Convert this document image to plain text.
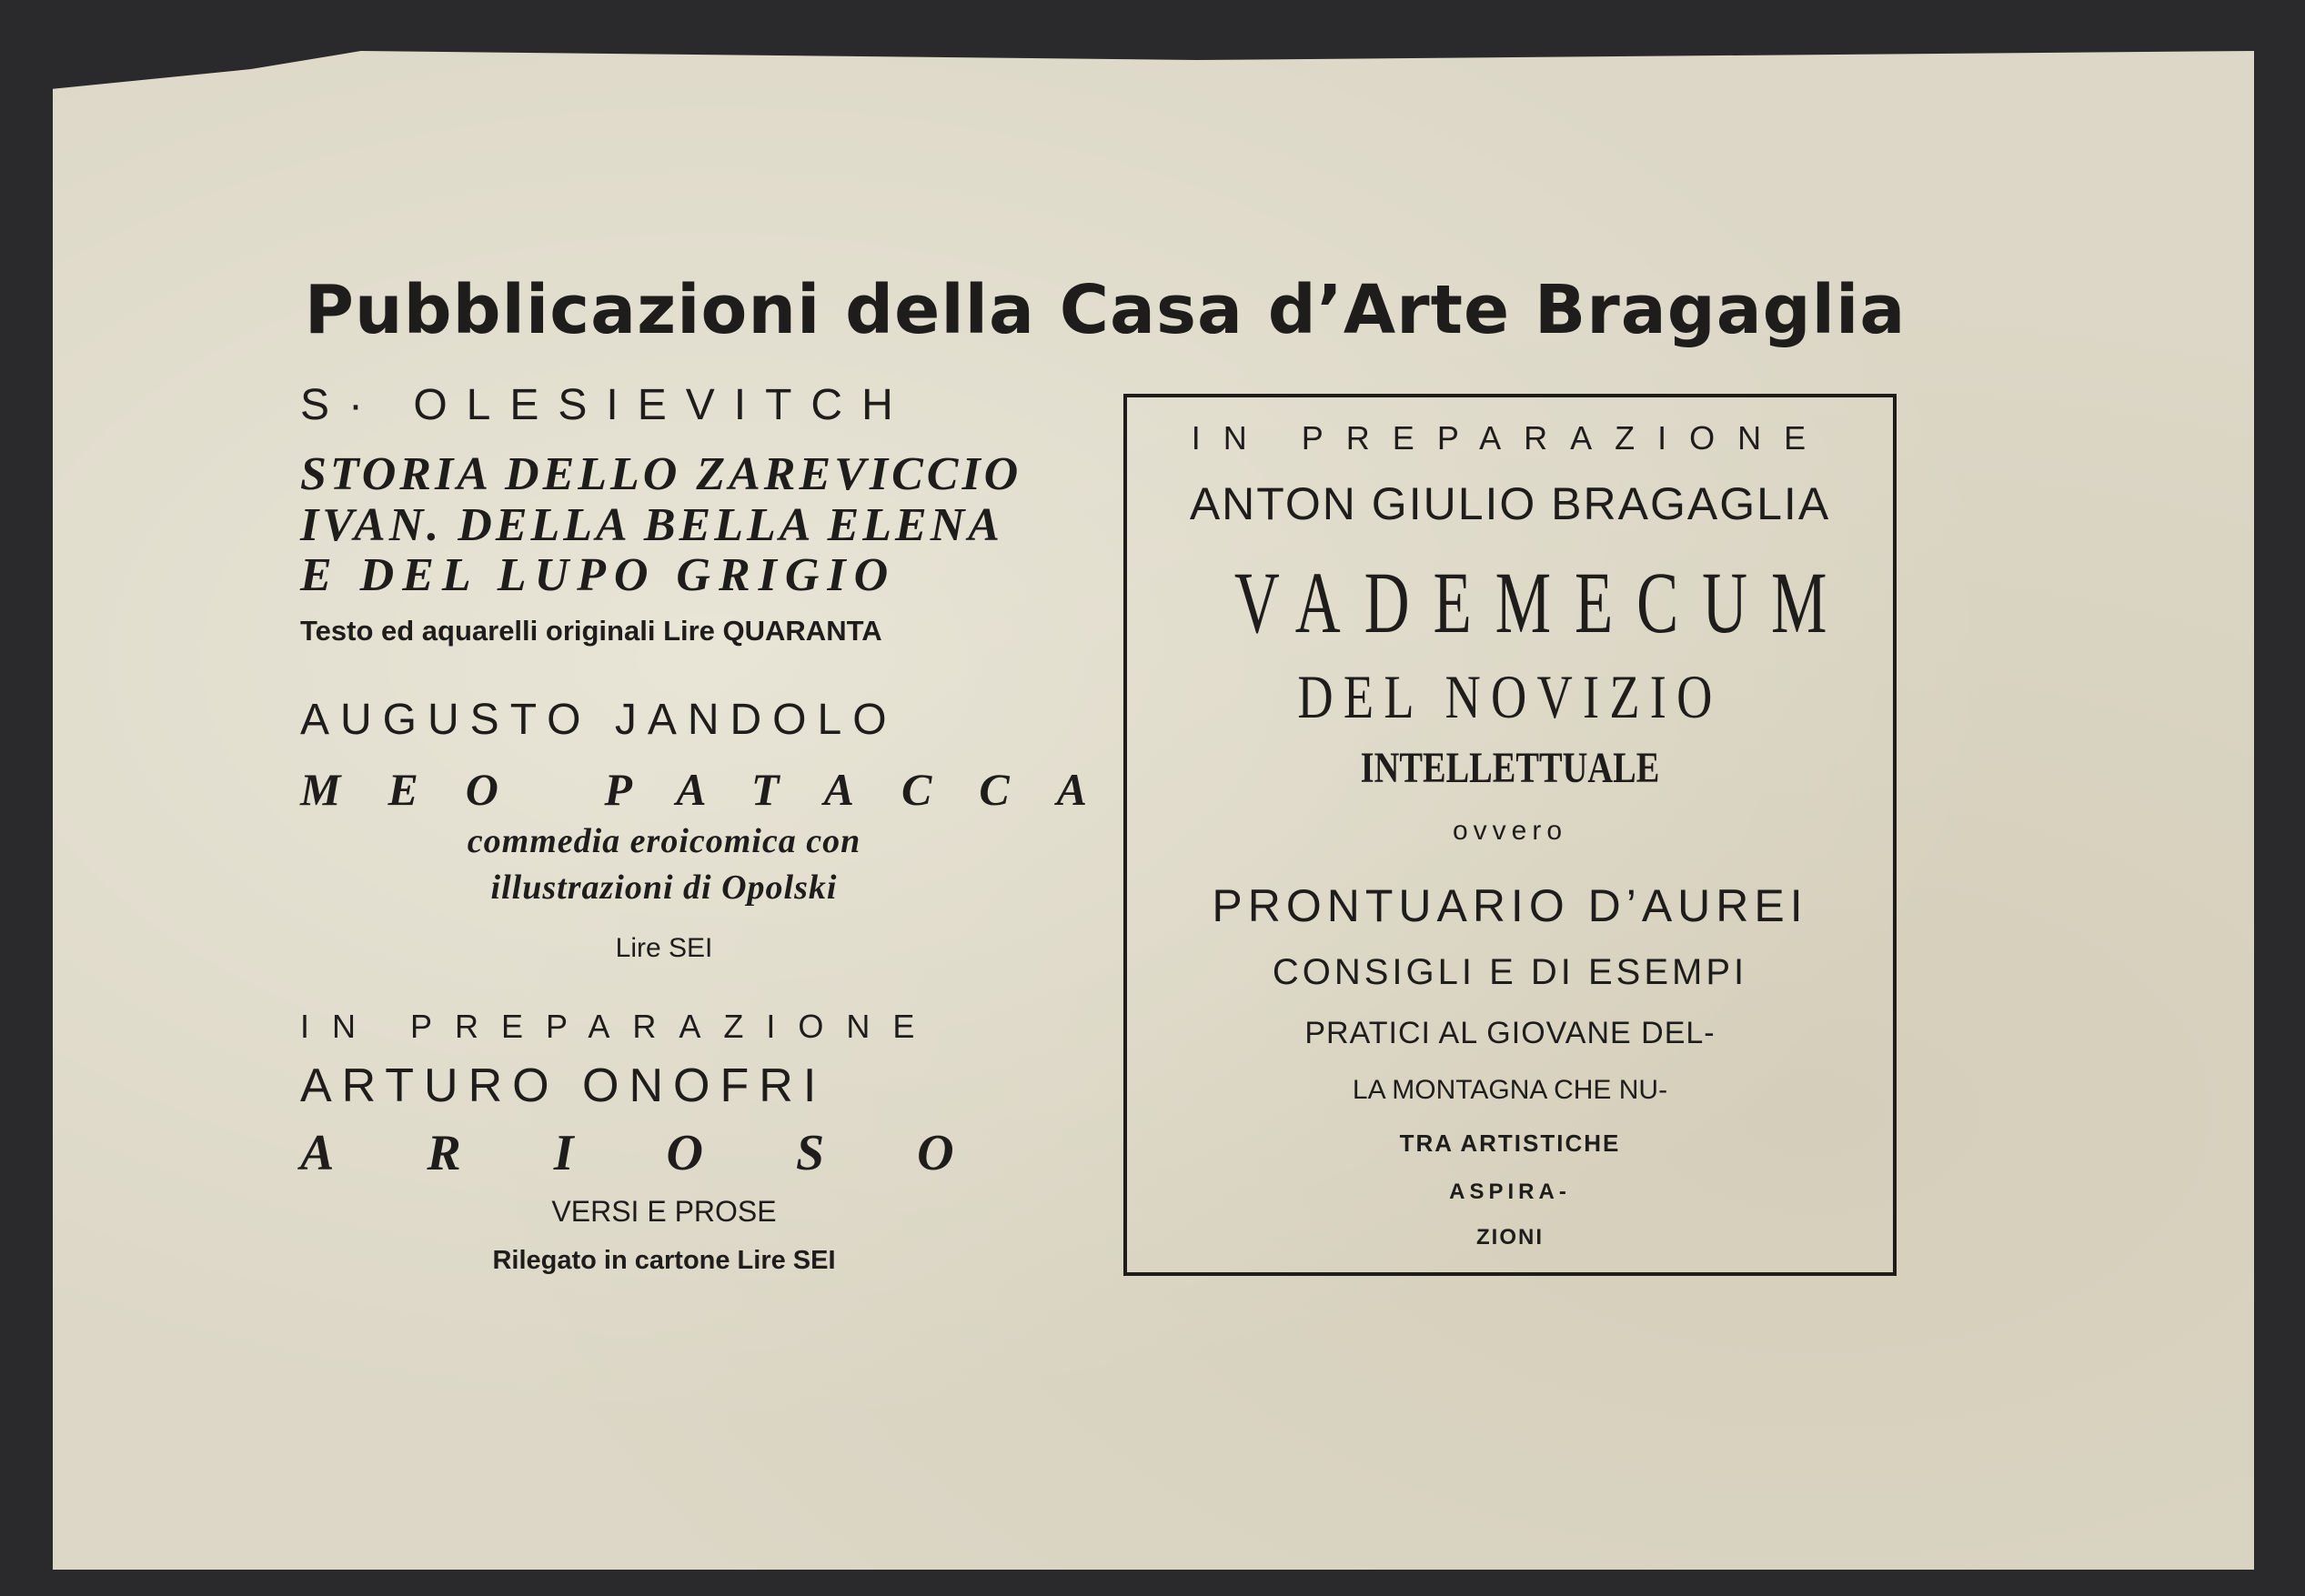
Pubblicazioni della Casa d’Arte Bragaglia
S· OLESIEVITCH
STORIA DELLO ZAREVICCIO
IVAN. DELLA BELLA ELENA
E DEL LUPO GRIGIO
Testo ed aquarelli originali Lire QUARANTA
AUGUSTO JANDOLO
MEO PATACCA
commedia eroicomica con
illustrazioni di Opolski
Lire SEI
IN PREPARAZIONE
ARTURO ONOFRI
ARIOSO
VERSI E PROSE
Rilegato in cartone Lire SEI
IN PREPARAZIONE
ANTON GIULIO BRAGAGLIA
VADEMECUM
DEL NOVIZIO
INTELLETTUALE
ovvero
PRONTUARIO D’AUREI
CONSIGLI E DI ESEMPI
PRATICI AL GIOVANE DEL-
LA MONTAGNA CHE NU-
TRA ARTISTICHE
ASPIRA-
ZIONI
